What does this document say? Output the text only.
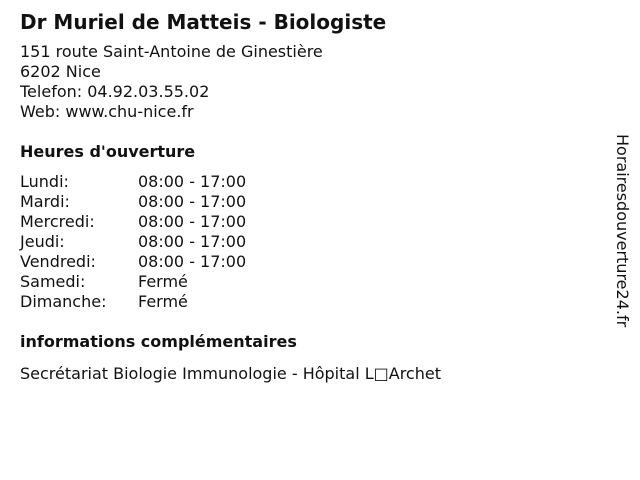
Dr Muriel de Matteis - Biologiste
151 route Saint-Antoine de Ginestière
6202 Nice
Telefon: 04.92.03.55.02
Web: www.chu-nice.fr
Heures d'ouverture
Lundi:	08:00 - 17:00
Mardi:	08:00 - 17:00
Mercredi:	08:00 - 17:00
Jeudi:	08:00 - 17:00
Vendredi:	08:00 - 17:00
Samedi:	Fermé
Dimanche:	Fermé
informations complémentaires
Secrétariat Biologie Immunologie - Hôpital L□Archet
Horairesdouverture24.fr
